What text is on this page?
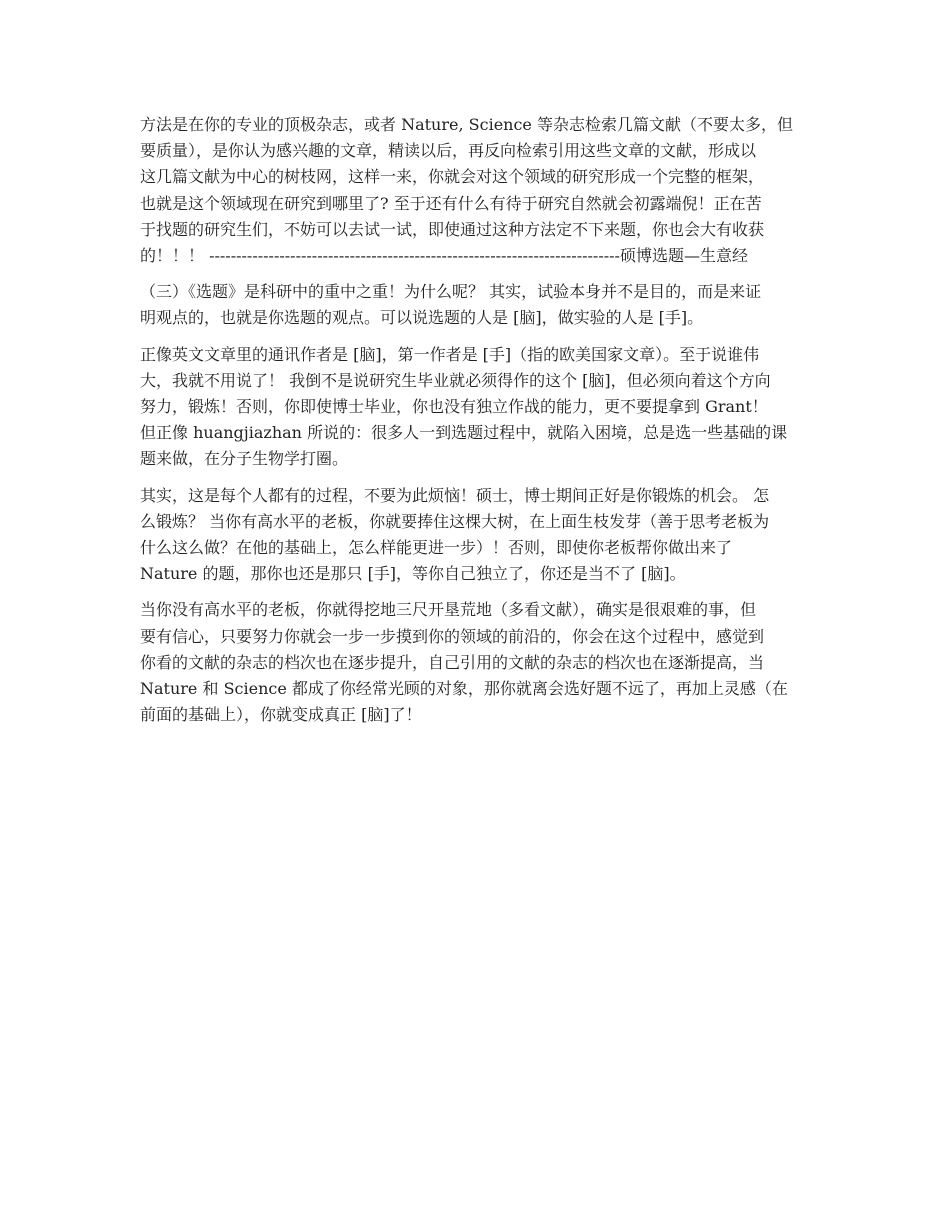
方法是在你的专业的顶极杂志，或者 Nature, Science 等杂志检索几篇文献（不要太多，但
要质量），是你认为感兴趣的文章，精读以后，再反向检索引用这些文章的文献，形成以
这几篇文献为中心的树枝网，这样一来，你就会对这个领域的研究形成一个完整的框架，
也就是这个领域现在研究到哪里了? 至于还有什么有待于研究自然就会初露端倪！正在苦
于找题的研究生们，不妨可以去试一试，即使通过这种方法定不下来题，你也会大有收获
的！！！ ----------------------------------------------------------------------------硕博选题—生意经

（三）《选题》是科研中的重中之重！为什么呢？ 其实，试验本身并不是目的，而是来证
明观点的，也就是你选题的观点。可以说选题的人是 [脑]，做实验的人是 [手]。

正像英文文章里的通讯作者是 [脑]，第一作者是 [手]（指的欧美国家文章）。至于说谁伟
大，我就不用说了！ 我倒不是说研究生毕业就必须得作的这个 [脑]，但必须向着这个方向
努力，锻炼！否则，你即使博士毕业，你也没有独立作战的能力，更不要提拿到 Grant！
但正像 huangjiazhan 所说的：很多人一到选题过程中，就陷入困境，总是选一些基础的课
题来做，在分子生物学打圈。

其实，这是每个人都有的过程，不要为此烦恼！硕士，博士期间正好是你锻炼的机会。 怎
么锻炼？ 当你有高水平的老板，你就要捧住这棵大树，在上面生枝发芽（善于思考老板为
什么这么做？在他的基础上，怎么样能更进一步）！否则，即使你老板帮你做出来了
Nature 的题，那你也还是那只 [手]，等你自己独立了，你还是当不了 [脑]。

当你没有高水平的老板，你就得挖地三尺开垦荒地（多看文献），确实是很艰难的事，但
要有信心，只要努力你就会一步一步摸到你的领域的前沿的，你会在这个过程中，感觉到
你看的文献的杂志的档次也在逐步提升，自己引用的文献的杂志的档次也在逐渐提高，当
Nature 和 Science 都成了你经常光顾的对象，那你就离会选好题不远了，再加上灵感（在
前面的基础上），你就变成真正 [脑]了！
